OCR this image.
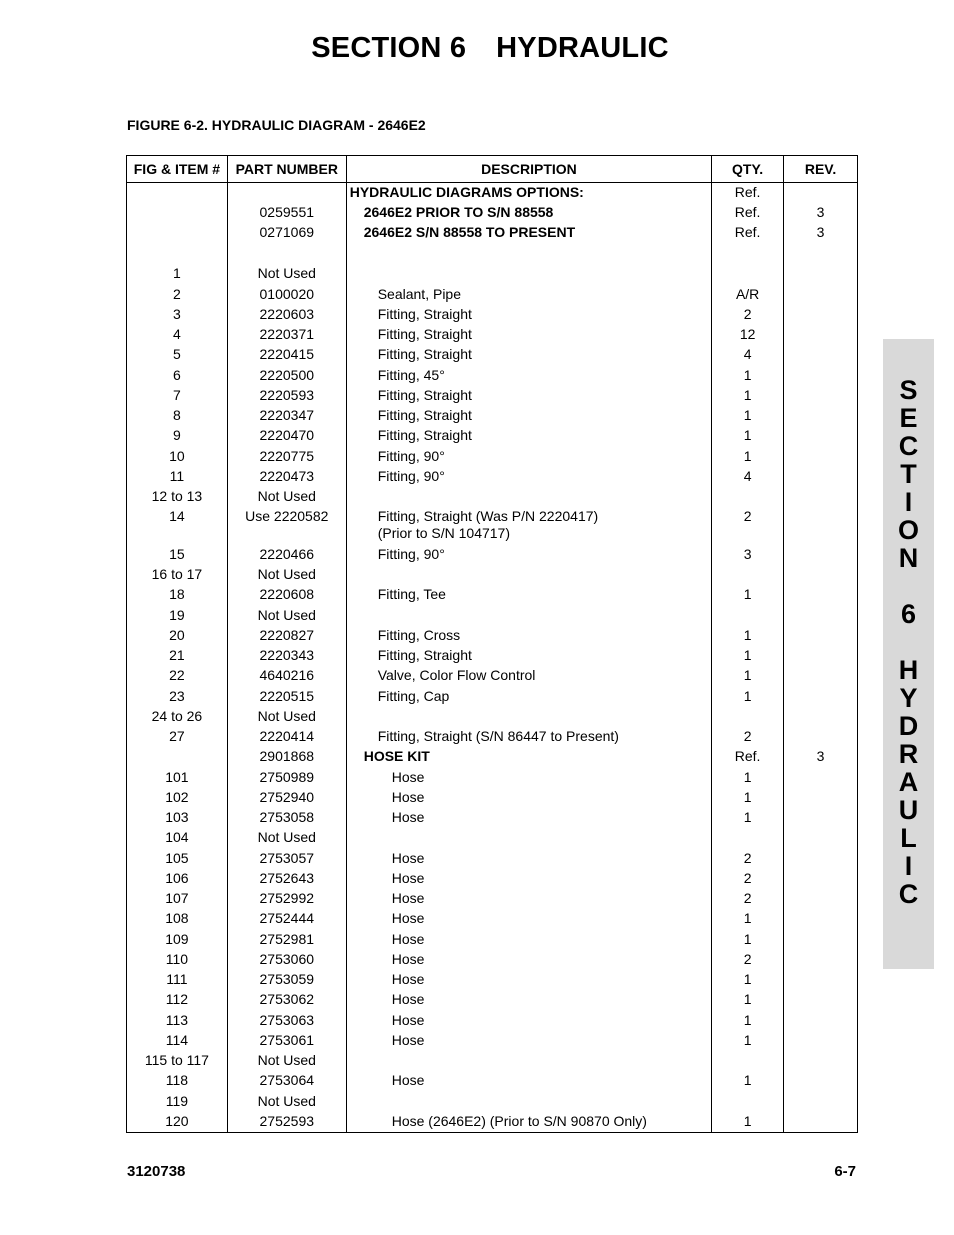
SECTION 6 HYDRAULIC
FIGURE 6-2. HYDRAULIC DIAGRAM - 2646E2
FIG & ITEM #	PART NUMBER	DESCRIPTION	QTY.	REV.

		HYDRAULIC DIAGRAMS OPTIONS:	Ref.	
	0259551	2646E2 PRIOR TO S/N 88558	Ref.	3
	0271069	2646E2 S/N 88558 TO PRESENT	Ref.	3

1	Not Used	

2	0100020	Sealant, Pipe	A/R	
3	2220603	Fitting, Straight	2	
4	2220371	Fitting, Straight	12	
5	2220415	Fitting, Straight	4	
6	2220500	Fitting, 45°	1	
7	2220593	Fitting, Straight	1	
8	2220347	Fitting, Straight	1	
9	2220470	Fitting, Straight	1	
10	2220775	Fitting, 90°	1	
11	2220473	Fitting, 90°	4	
12 to 13	Not Used	

14	Use 2220582	Fitting, Straight (Was P/N 2220417)
(Prior to S/N 104717)	2	
15	2220466	Fitting, 90°	3	
16 to 17	Not Used	

18	2220608	Fitting, Tee	1	
19	Not Used	

20	2220827	Fitting, Cross	1	
21	2220343	Fitting, Straight	1	
22	4640216	Valve, Color Flow Control	1	
23	2220515	Fitting, Cap	1	
24 to 26	Not Used	

27	2220414	Fitting, Straight (S/N 86447 to Present)	2	
	2901868	HOSE KIT	Ref.	3
101	2750989	Hose	1	
102	2752940	Hose	1	
103	2753058	Hose	1	
104	Not Used	

105	2753057	Hose	2	
106	2752643	Hose	2	
107	2752992	Hose	2	
108	2752444	Hose	1	
109	2752981	Hose	1	
110	2753060	Hose	2	
111	2753059	Hose	1	
112	2753062	Hose	1	
113	2753063	Hose	1	
114	2753061	Hose	1	
115 to 117	Not Used	

118	2753064	Hose	1	
119	Not Used	

120	2752593	Hose (2646E2) (Prior to S/N 90870 Only)	1	
S
E
C
T
I
O
N
6
H
Y
D
R
A
U
L
I
C
3120738	6-7
